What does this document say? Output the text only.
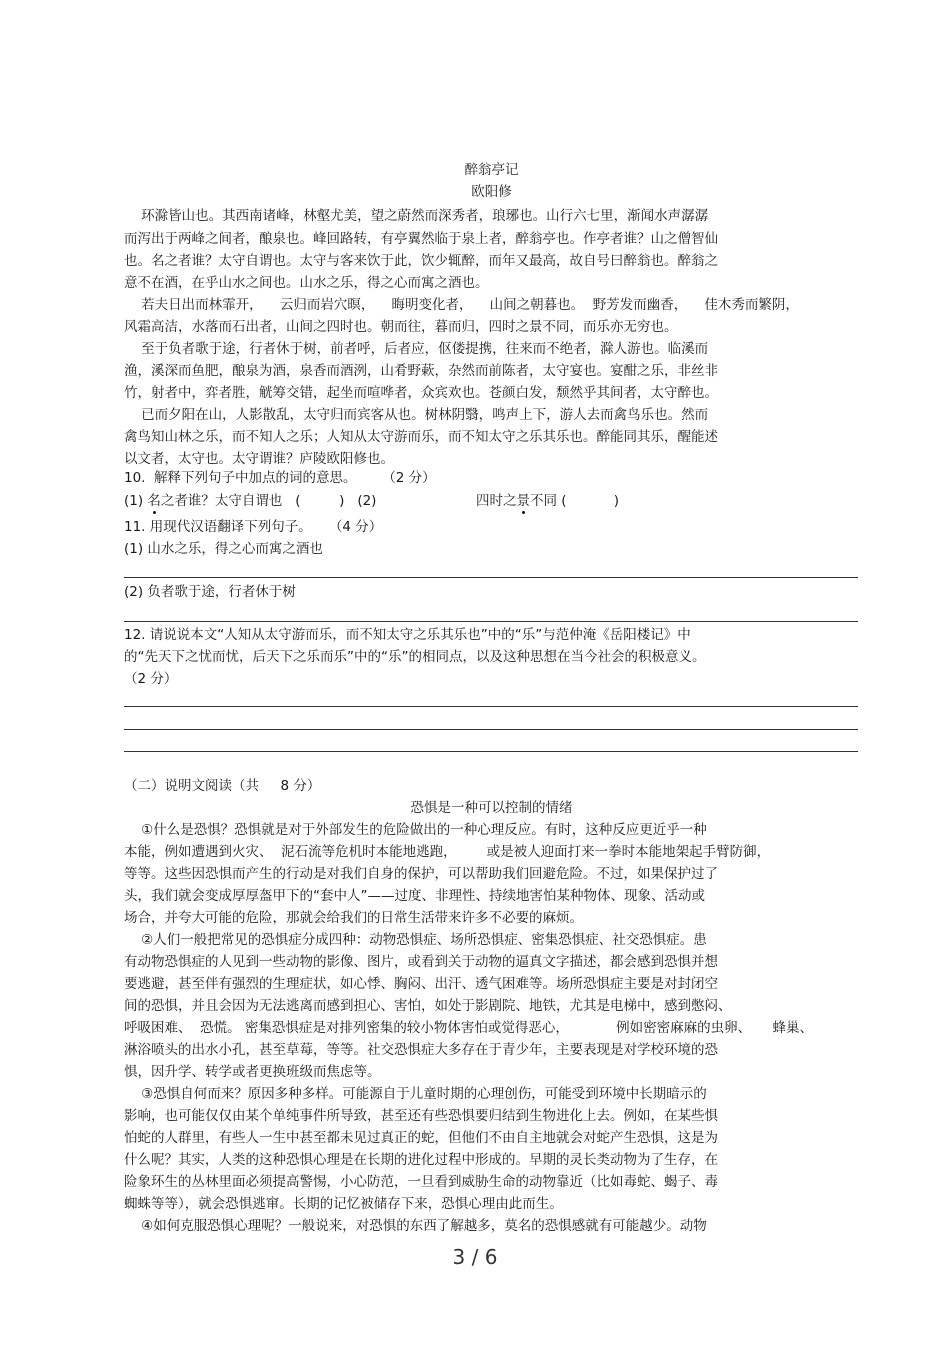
醉翁亭记
欧阳修
环滁皆山也。其西南诸峰，林壑尤美，望之蔚然而深秀者，琅琊也。山行六七里，渐闻水声潺潺
而泻出于两峰之间者，酿泉也。峰回路转，有亭翼然临于泉上者，醉翁亭也。作亭者谁？山之僧智仙
也。名之者谁？太守自谓也。太守与客来饮于此，饮少辄醉，而年又最高，故自号曰醉翁也。醉翁之
意不在酒，在乎山水之间也。山水之乐，得之心而寓之酒也。
若夫日出而林霏开，    云归而岩穴暝，    晦明变化者，    山间之朝暮也。  野芳发而幽香，    佳木秀而繁阴，
风霜高洁，水落而石出者，山间之四时也。朝而往，暮而归，四时之景不同，而乐亦无穷也。
至于负者歌于途，行者休于树，前者呼，后者应，伛偻提携，往来而不绝者，滁人游也。临溪而
渔，溪深而鱼肥，酿泉为酒，泉香而酒洌，山肴野蔌，杂然而前陈者，太守宴也。宴酣之乐，非丝非
竹，射者中，弈者胜，觥筹交错，起坐而喧哗者，众宾欢也。苍颜白发，颓然乎其间者，太守醉也。
已而夕阳在山，人影散乱，太守归而宾客从也。树林阴翳，鸣声上下，游人去而禽鸟乐也。然而
禽鸟知山林之乐，而不知人之乐；人知从太守游而乐，而不知太守之乐其乐也。醉能同其乐，醒能述
以文者，太守也。太守谓谁？庐陵欧阳修也。
10.  解释下列句子中加点的词的意思。      （2 分）
(1) 名之者谁？太守自谓也   (         )   (2)	四时之景不同 (           )
11. 用现代汉语翻译下列句子。    （4 分）
(1) 山水之乐，得之心而寓之酒也
(2) 负者歌于途，行者休于树
12. 请说说本文“人知从太守游而乐，而不知太守之乐其乐也”中的“乐”与范仲淹《岳阳楼记》中
的“先天下之忧而忧，后天下之乐而乐”中的“乐”的相同点，以及这种思想在当今社会的积极意义。
（2 分）
（二）说明文阅读（共     8 分）
恐惧是一种可以控制的情绪
①什么是恐惧？恐惧就是对于外部发生的危险做出的一种心理反应。有时，这种反应更近乎一种
本能，例如遭遇到火灾、  泥石流等危机时本能地逃跑，       或是被人迎面打来一拳时本能地架起手臂防御，
等等。这些因恐惧而产生的行动是对我们自身的保护，可以帮助我们回避危险。不过，如果保护过了
头，我们就会变成厚厚盔甲下的“套中人”——过度、非理性、持续地害怕某种物体、现象、活动或
场合，并夸大可能的危险，那就会给我们的日常生活带来许多不必要的麻烦。
②人们一般把常见的恐惧症分成四种：动物恐惧症、场所恐惧症、密集恐惧症、社交恐惧症。患
有动物恐惧症的人见到一些动物的影像、图片，或看到关于动物的逼真文字描述，都会感到恐惧并想
要逃避，甚至伴有强烈的生理症状，如心悸、胸闷、出汗、透气困难等。场所恐惧症主要是对封闭空
间的恐惧，并且会因为无法逃离而感到担心、害怕，如处于影剧院、地铁，尤其是电梯中，感到憋闷、
呼吸困难、  恐慌。 密集恐惧症是对排列密集的较小物体害怕或觉得恶心，           例如密密麻麻的虫卵、     蜂巢、
淋浴喷头的出水小孔，甚至草莓，等等。社交恐惧症大多存在于青少年，主要表现是对学校环境的恐
惧，因升学、转学或者更换班级而焦虑等。
③恐惧自何而来？原因多种多样。可能源自于儿童时期的心理创伤，可能受到环境中长期暗示的
影响，也可能仅仅由某个单纯事件所导致，甚至还有些恐惧要归结到生物进化上去。例如，在某些惧
怕蛇的人群里，有些人一生中甚至都未见过真正的蛇，但他们不由自主地就会对蛇产生恐惧，这是为
什么呢？其实，人类的这种恐惧心理是在长期的进化过程中形成的。早期的灵长类动物为了生存，在
险象环生的丛林里面必须提高警惕，小心防范，一旦看到威胁生命的动物靠近（比如毒蛇、蝎子、毒
蜘蛛等等），就会恐惧逃窜。长期的记忆被储存下来，恐惧心理由此而生。
④如何克服恐惧心理呢？一般说来，对恐惧的东西了解越多，莫名的恐惧感就有可能越少。动物
3 / 6
